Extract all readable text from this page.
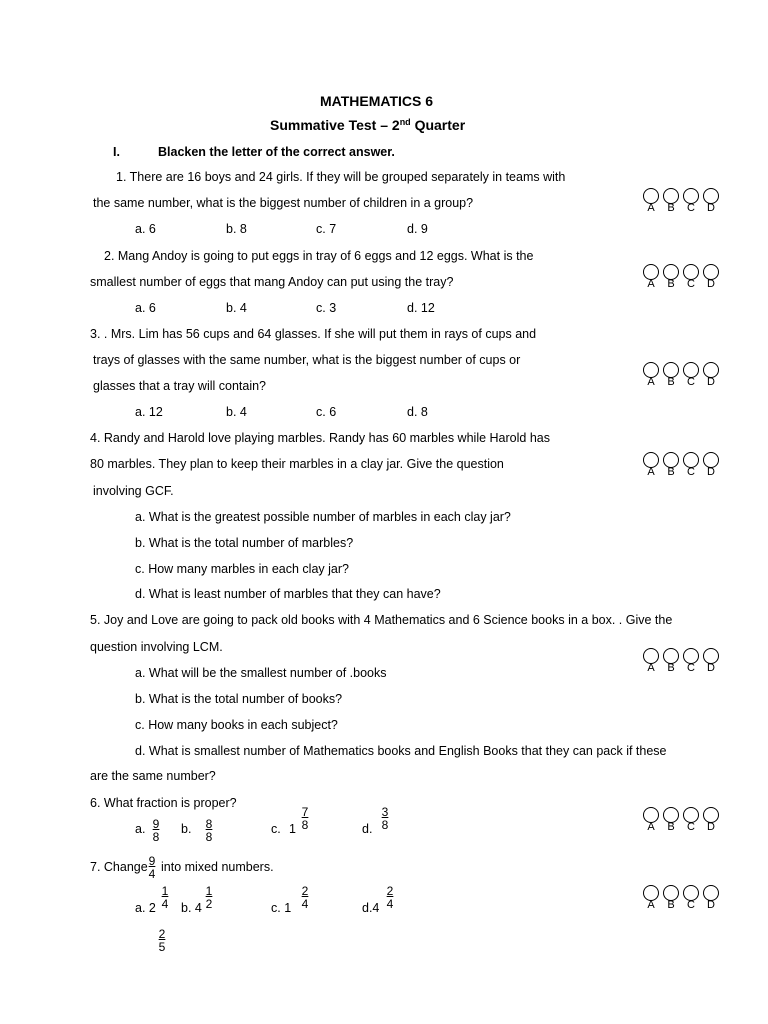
MATHEMATICS 6
Summative Test – 2nd Quarter
I.	Blacken the letter of the correct answer.
1. There are 16 boys and 24 girls. If they will be grouped separately in teams with
the same number, what is the biggest number of children in a group?
a. 6	b. 8	c. 7	d. 9
2. Mang Andoy is going to put eggs in tray of 6 eggs and 12 eggs. What is the
smallest number of eggs that mang Andoy can put using the tray?
a. 6	b. 4	c. 3	d. 12
3. . Mrs. Lim has 56 cups and 64 glasses. If she will put them in rays of cups and
trays of glasses with the same number, what is the biggest number of cups or
glasses that a tray will contain?
a. 12	b. 4	c. 6	d. 8
4. Randy and Harold love playing marbles. Randy has 60 marbles while Harold has
80 marbles. They plan to keep their marbles in a clay jar. Give the question
involving GCF.
a. What is the greatest possible number of marbles in each clay jar?
b. What is the total number of marbles?
c. How many marbles in each clay jar?
d. What is least number of marbles that they can have?
5. Joy and Love are going to pack old books with 4 Mathematics and 6 Science books in a box. . Give the
question involving LCM.
a. What will be the smallest number of .books
b. What is the total number of books?
c. How many books in each subject?
d. What is smallest number of Mathematics books and English Books that they can pack if these
are the same number?
6. What fraction is proper?
a. $\frac{9}{8} b$. $\frac{8}{8}$	c. $1 \frac{7}{8}$	d. $\frac{3}{8}$
7. Change
$\frac{9}{4}$ into mixed numbers.
a. $2 \frac{1}{4} b$. $4 \frac{1}{2}$	c. $1 \frac{2}{4}$	$d.4 \frac{2}{4}$
$\frac{2}{5}$
A	B	C	D
A	B	C	D
A	B	C	D
A	B	C	D
A	B	C	D
A	B	C	D
A	B	C	D
